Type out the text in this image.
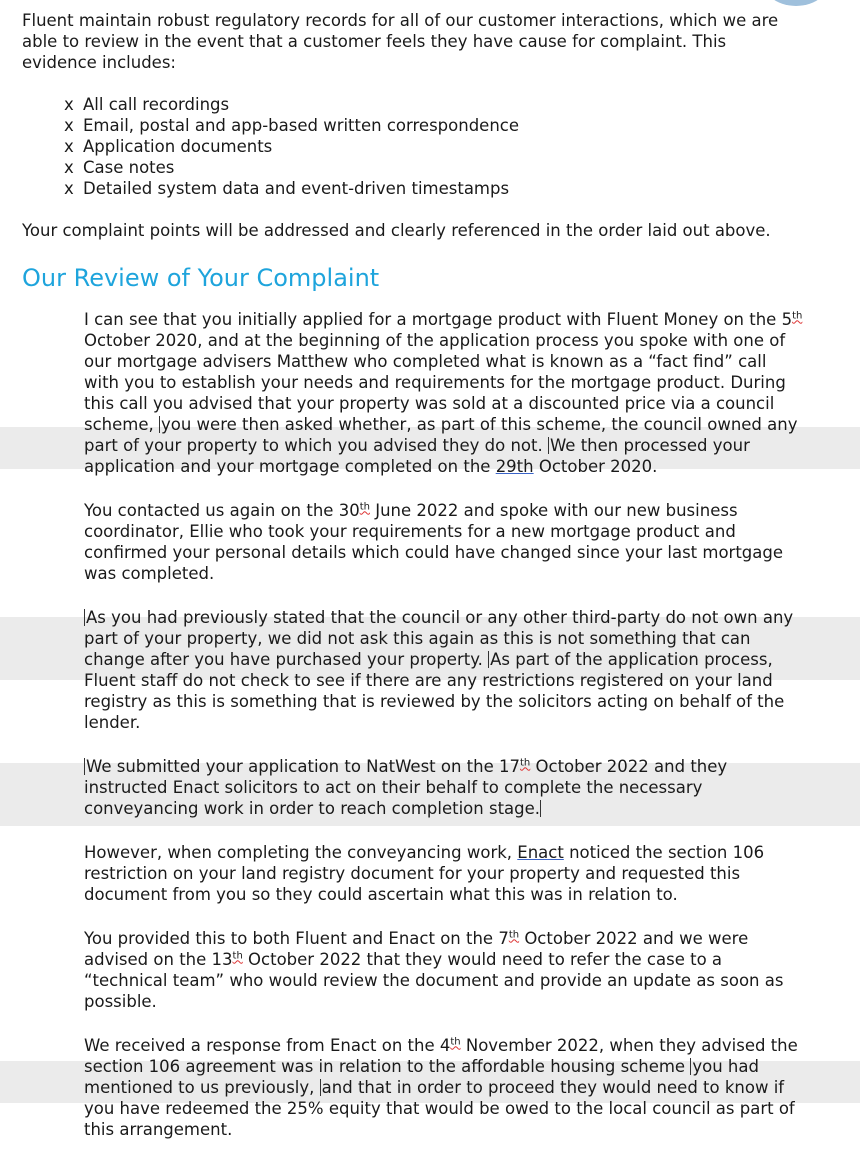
Fluent maintain robust regulatory records for all of our customer interactions, which we are able to review in the event that a customer feels they have cause for complaint. This evidence includes:

x All call recordings
x Email, postal and app-based written correspondence
x Application documents
x Case notes
x Detailed system data and event-driven timestamps

Your complaint points will be addressed and clearly referenced in the order laid out above.

Our Review of Your Complaint

I can see that you initially applied for a mortgage product with Fluent Money on the 5th October 2020, and at the beginning of the application process you spoke with one of our mortgage advisers Matthew who completed what is known as a “fact find” call with you to establish your needs and requirements for the mortgage product. During this call you advised that your property was sold at a discounted price via a council scheme, you were then asked whether, as part of this scheme, the council owned any part of your property to which you advised they do not. We then processed your application and your mortgage completed on the 29th October 2020.

You contacted us again on the 30th June 2022 and spoke with our new business coordinator, Ellie who took your requirements for a new mortgage product and confirmed your personal details which could have changed since your last mortgage was completed.

As you had previously stated that the council or any other third-party do not own any part of your property, we did not ask this again as this is not something that can change after you have purchased your property. As part of the application process, Fluent staff do not check to see if there are any restrictions registered on your land registry as this is something that is reviewed by the solicitors acting on behalf of the lender.

We submitted your application to NatWest on the 17th October 2022 and they instructed Enact solicitors to act on their behalf to complete the necessary conveyancing work in order to reach completion stage.

However, when completing the conveyancing work, Enact noticed the section 106 restriction on your land registry document for your property and requested this document from you so they could ascertain what this was in relation to.

You provided this to both Fluent and Enact on the 7th October 2022 and we were advised on the 13th October 2022 that they would need to refer the case to a “technical team” who would review the document and provide an update as soon as possible.

We received a response from Enact on the 4th November 2022, when they advised the section 106 agreement was in relation to the affordable housing scheme you had mentioned to us previously, and that in order to proceed they would need to know if you have redeemed the 25% equity that would be owed to the local council as part of this arrangement.
